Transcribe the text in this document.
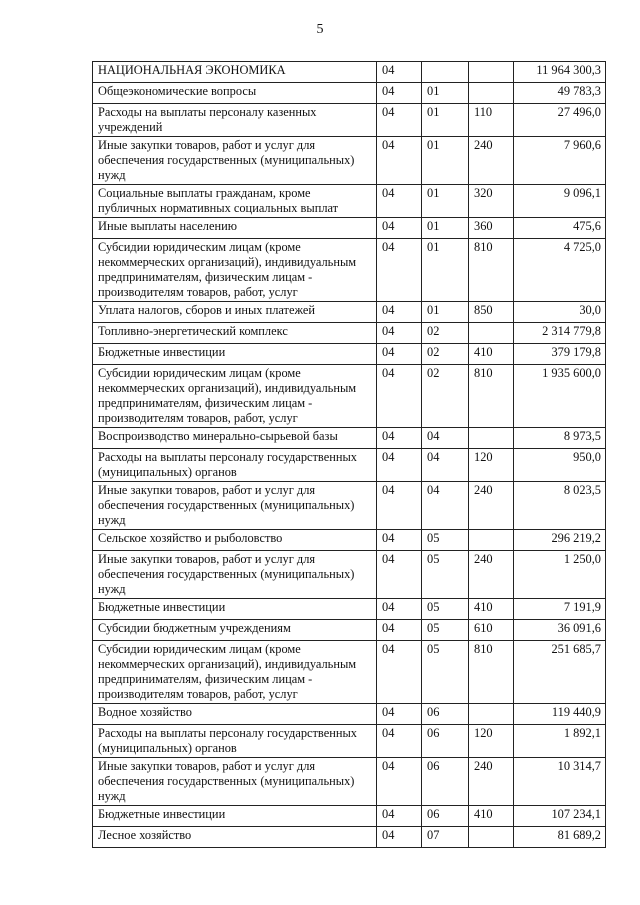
5
НАЦИОНАЛЬНАЯ ЭКОНОМИКА	04			11 964 300,3
Общеэкономические вопросы	04	01		49 783,3
Расходы на выплаты персоналу казенных учреждений	04	01	110	27 496,0
Иные закупки товаров, работ и услуг для обеспечения государственных (муниципальных) нужд	04	01	240	7 960,6
Социальные выплаты гражданам, кроме публичных нормативных социальных выплат	04	01	320	9 096,1
Иные выплаты населению	04	01	360	475,6
Субсидии юридическим лицам (кроме некоммерческих организаций), индивидуальным предпринимателям, физическим лицам - производителям товаров, работ, услуг	04	01	810	4 725,0
Уплата налогов, сборов и иных платежей	04	01	850	30,0
Топливно-энергетический комплекс	04	02		2 314 779,8
Бюджетные инвестиции	04	02	410	379 179,8
Субсидии юридическим лицам (кроме некоммерческих организаций), индивидуальным предпринимателям, физическим лицам - производителям товаров, работ, услуг	04	02	810	1 935 600,0
Воспроизводство минерально-сырьевой базы	04	04		8 973,5
Расходы на выплаты персоналу государственных (муниципальных) органов	04	04	120	950,0
Иные закупки товаров, работ и услуг для обеспечения государственных (муниципальных) нужд	04	04	240	8 023,5
Сельское хозяйство и рыболовство	04	05		296 219,2
Иные закупки товаров, работ и услуг для обеспечения государственных (муниципальных) нужд	04	05	240	1 250,0
Бюджетные инвестиции	04	05	410	7 191,9
Субсидии бюджетным учреждениям	04	05	610	36 091,6
Субсидии юридическим лицам (кроме некоммерческих организаций), индивидуальным предпринимателям, физическим лицам - производителям товаров, работ, услуг	04	05	810	251 685,7
Водное хозяйство	04	06		119 440,9
Расходы на выплаты персоналу государственных (муниципальных) органов	04	06	120	1 892,1
Иные закупки товаров, работ и услуг для обеспечения государственных (муниципальных) нужд	04	06	240	10 314,7
Бюджетные инвестиции	04	06	410	107 234,1
Лесное хозяйство	04	07		81 689,2
